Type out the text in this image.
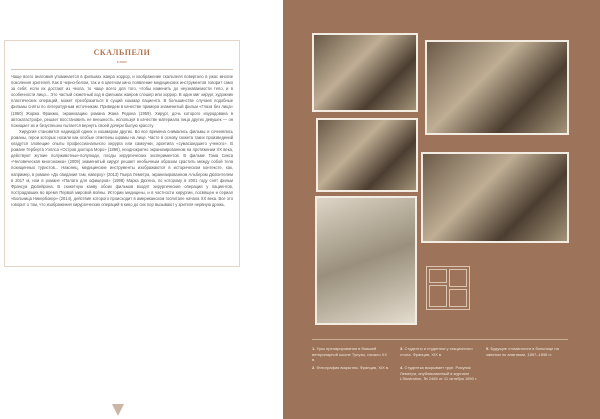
СКАЛЬПЕЛИ
в кино

Чаще всего анатомия упоминается в фильмах жанра хоррор, и изображение скальпеля повергало в ужас многие поколения зрителей. Как в черно-белом, так и в цветном кино появление медицинских инструментов говорит само за себя: если их достают из чехла, то чаще всего для того, чтобы изменить до неузнаваемости тело, и в особенности лицо... Это частый сюжетный ход в фильмах жанров слэшер или хоррор. В один миг хирург, художник пластических операций, может преобразиться в сущий кошмар пациента. В большинстве случаев подобные фильмы сняты по литературным источникам. Приведем в качестве примера знаменитый фильм «Глаза без лица» (1960) Жоржа Франжю, экранизацию романа Жана Редона (1959). Хирург, дочь которого изуродована в автокатастрофе, решает восстановить ее внешность, используя в качестве материала лица других девушек — он похищает их и безуспешно пытается вернуть своей дочери былую красоту.

Хирургия становится надеждой одних и кошмаром других. Во все времена снимались фильмы и сочинялись романы, герои которых носили как особые отметины шрамы на лице. Часто в основу сюжета таких произведений кладутся зловещие опыты профессионального хирурга или самоучки, архетипа «сумасшедшего ученого». В романе Герберта Уэллса «Остров доктора Моро» (1896), неоднократно экранизированном на протяжении XX века, действуют жуткие полуживотные-полулюди, плоды хирургических экспериментов. В фильме Тома Сикса «Человеческая многоножка» (2009) знаменитый хирург решает необычным образом срастить между собой тела похищенных туристов... Наконец, медицинские инструменты изображаются в историческом контексте, как, например, в романе «До свидания там, наверху» (2013) Пьера Леметра, экранизированном Альбером Дюпонтелем в 2017 м, или в романе «Палата для офицеров» (1998) Марка Дюгена, по которому в 2001 году снят фильм Франсуа Дюпейрона. В сюжетную канву обоих фильмов входят хирургические операции у пациентов, пострадавших во время Первой мировой войны. Истории медицины, и в частности хирургии, посвящен и сериал «Больница Никербокер» (2014), действие которого происходит в американском госпитале начала XX века. Все это говорит о том, что изображения хирургических операций в кино до сих пор вызывают у зрителя нервную дрожь.

1. Урок препарирования в бывшей ветеринарной школе Тулузы, начало XX в.
2. Фотография вскрытия. Франция, XIX в.
3. Студенты и студентки у секционного стола. Франция, XIX в.
4. Студентка вскрывает труп. Рисунок Леметра, опубликованный в журнале L'Illustration, № 2465 от 11 октября 1890 г.
5. Будущие стоматологи в больнице на занятии по анатомии, 1897–1898 гг.
